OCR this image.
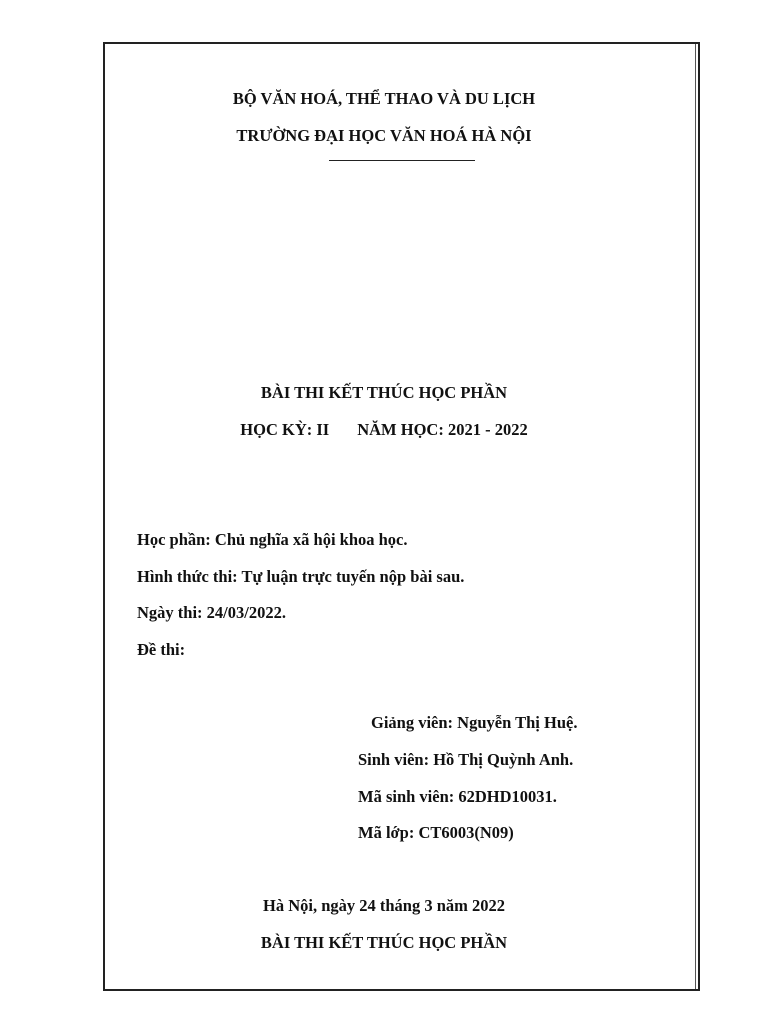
BỘ VĂN HOÁ, THỂ THAO VÀ DU LỊCH
TRƯỜNG ĐẠI HỌC VĂN HOÁ HÀ NỘI
BÀI THI KẾT THÚC HỌC PHẦN
HỌC KỲ: II NĂM HỌC: 2021 - 2022
Học phần: Chủ nghĩa xã hội khoa học.
Hình thức thi: Tự luận trực tuyến nộp bài sau.
Ngày thi: 24/03/2022.
Đề thi:
Giảng viên: Nguyễn Thị Huệ.
Sinh viên: Hồ Thị Quỳnh Anh.
Mã sinh viên: 62DHD10031.
Mã lớp: CT6003(N09)
Hà Nội, ngày 24 tháng 3 năm 2022
BÀI THI KẾT THÚC HỌC PHẦN
